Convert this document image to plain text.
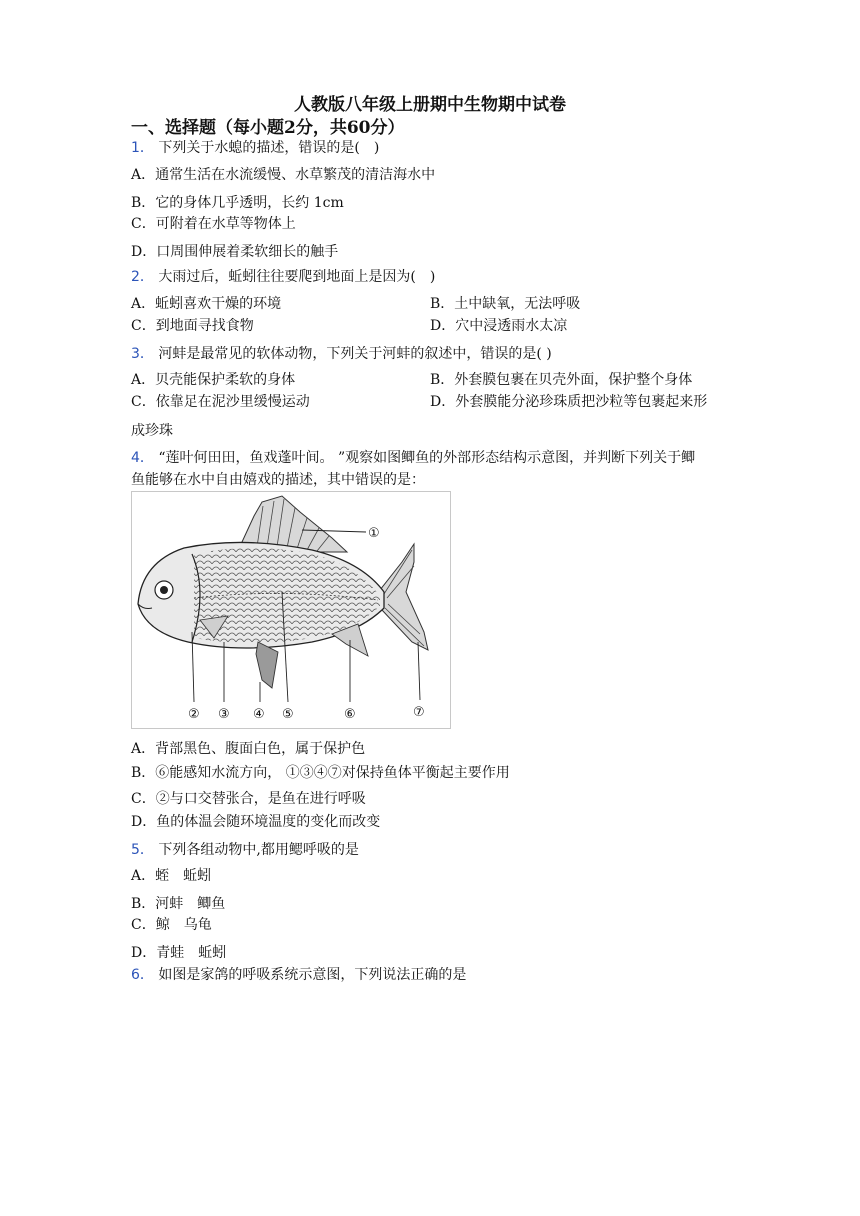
人教版八年级上册期中生物期中试卷
一、选择题（每小题2分，共60分）
1． 下列关于水螅的描述，错误的是(　)
A．通常生活在水流缓慢、水草繁茂的清洁海水中
B．它的身体几乎透明，长约 1cm
C．可附着在水草等物体上
D．口周围伸展着柔软细长的触手
2． 大雨过后，蚯蚓往往要爬到地面上是因为(　)
A．蚯蚓喜欢干燥的环境	B．土中缺氧，无法呼吸
C．到地面寻找食物	D．穴中浸透雨水太凉
3． 河蚌是最常见的软体动物，下列关于河蚌的叙述中，错误的是( )
A．贝壳能保护柔软的身体	B．外套膜包裹在贝壳外面，保护整个身体
C．依靠足在泥沙里缓慢运动	D．外套膜能分泌珍珠质把沙粒等包裹起来形
成珍珠
4． “莲叶何田田，鱼戏蓬叶间。 ”观察如图鲫鱼的外部形态结构示意图，并判断下列关于鲫
鱼能够在水中自由嬉戏的描述，其中错误的是：
①
② ③ ④ ⑤	⑥	⑦
A．背部黑色、腹面白色，属于保护色
B．⑥能感知水流方向， ①③④⑦对保持鱼体平衡起主要作用
C．②与口交替张合，是鱼在进行呼吸
D．鱼的体温会随环境温度的变化而改变
5． 下列各组动物中,都用鳃呼吸的是
A．蛭　蚯蚓
B．河蚌　鲫鱼
C．鲸　乌龟
D．青蛙　蚯蚓
6． 如图是家鸽的呼吸系统示意图，下列说法正确的是
